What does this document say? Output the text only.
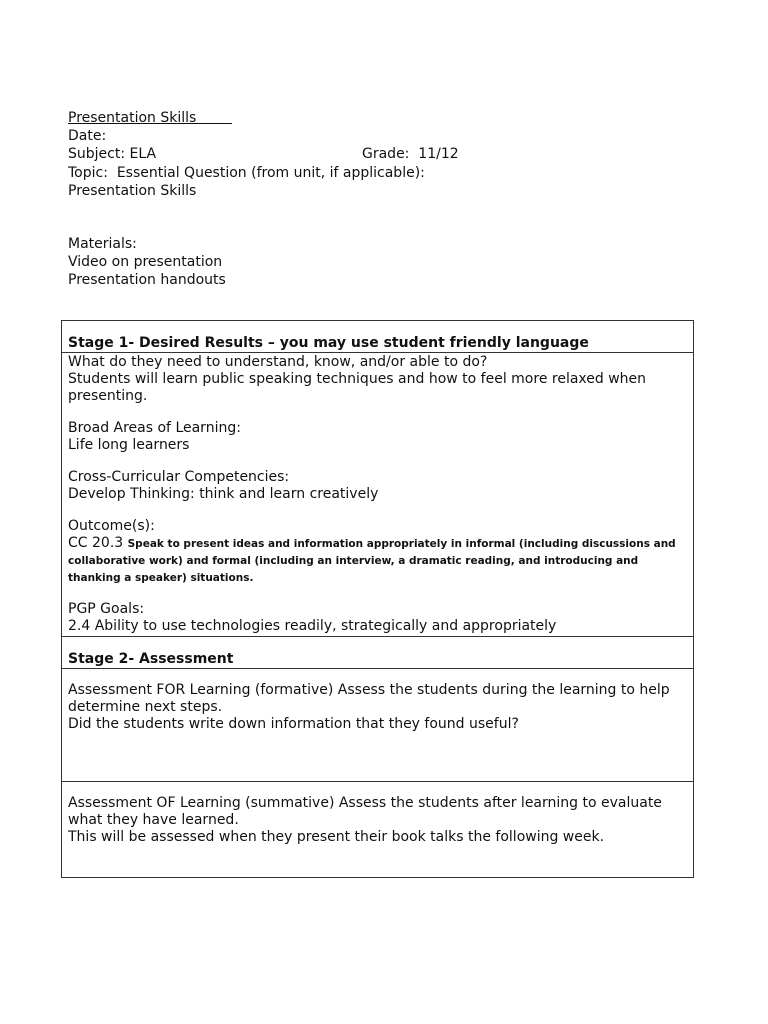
Presentation Skills
Date:
Subject: ELA	Grade:  11/12
Topic:  Essential Question (from unit, if applicable):
Presentation Skills
Materials:
Video on presentation
Presentation handouts
Stage 1- Desired Results – you may use student friendly language

What do they need to understand, know, and/or able to do?
Students will learn public speaking techniques and how to feel more relaxed when presenting.
Broad Areas of Learning:
Life long learners
Cross-Curricular Competencies:
Develop Thinking: think and learn creatively
Outcome(s):
CC 20.3 Speak to present ideas and information appropriately in informal (including discussions and collaborative work) and formal (including an interview, a dramatic reading, and introducing and thanking a speaker) situations.
PGP Goals:
2.4 Ability to use technologies readily, strategically and appropriately

Stage 2- Assessment

Assessment FOR Learning (formative) Assess the students during the learning to help determine next steps.
Did the students write down information that they found useful?

Assessment OF Learning (summative) Assess the students after learning to evaluate what they have learned.
This will be assessed when they present their book talks the following week.
